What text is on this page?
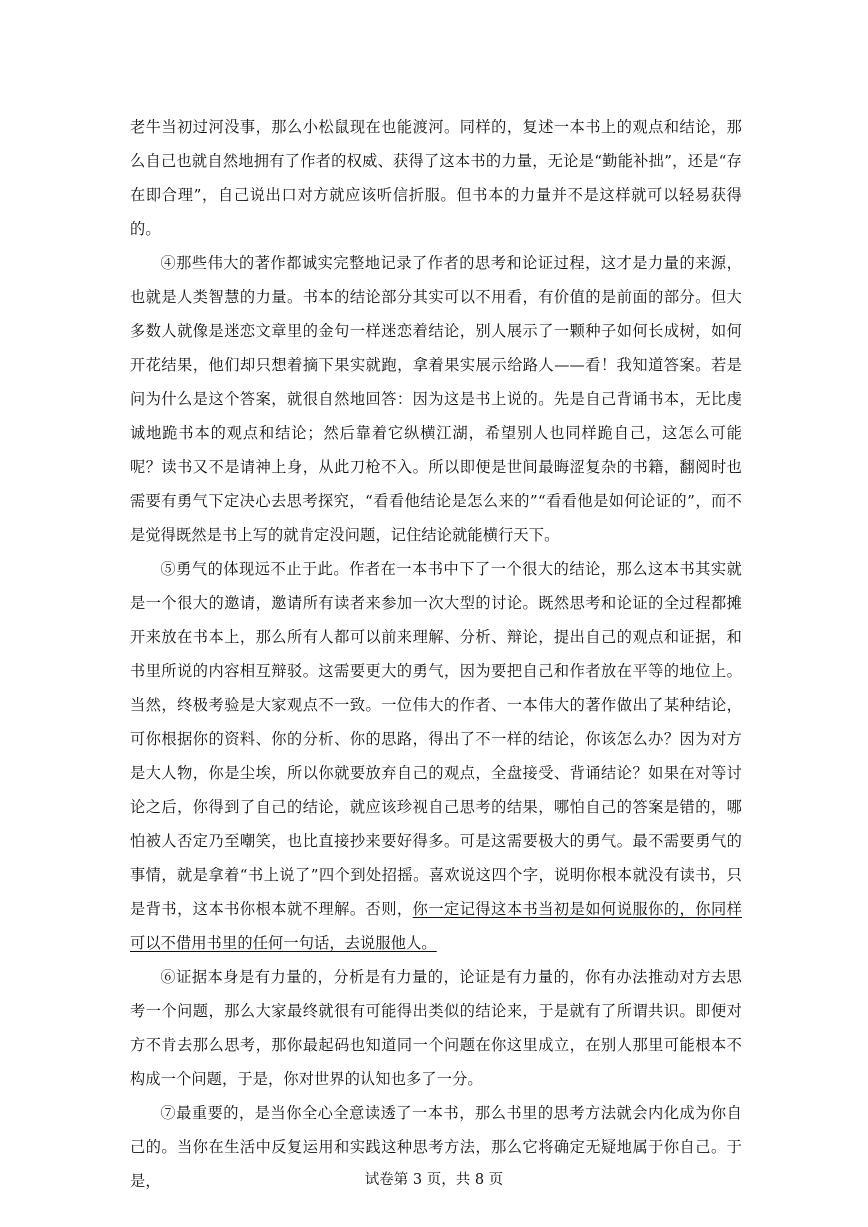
老牛当初过河没事，那么小松鼠现在也能渡河。同样的，复述一本书上的观点和结论，那么自己也就自然地拥有了作者的权威、获得了这本书的力量，无论是“勤能补拙”，还是“存在即合理”，自己说出口对方就应该听信折服。但书本的力量并不是这样就可以轻易获得的。

④那些伟大的著作都诚实完整地记录了作者的思考和论证过程，这才是力量的来源，也就是人类智慧的力量。书本的结论部分其实可以不用看，有价值的是前面的部分。但大多数人就像是迷恋文章里的金句一样迷恋着结论，别人展示了一颗种子如何长成树，如何开花结果，他们却只想着摘下果实就跑，拿着果实展示给路人——看！我知道答案。若是问为什么是这个答案，就很自然地回答：因为这是书上说的。先是自己背诵书本，无比虔诚地跪书本的观点和结论；然后靠着它纵横江湖，希望别人也同样跪自己，这怎么可能呢？读书又不是请神上身，从此刀枪不入。所以即便是世间最晦涩复杂的书籍，翻阅时也需要有勇气下定决心去思考探究，“看看他结论是怎么来的”“看看他是如何论证的”，而不是觉得既然是书上写的就肯定没问题，记住结论就能横行天下。

⑤勇气的体现远不止于此。作者在一本书中下了一个很大的结论，那么这本书其实就是一个很大的邀请，邀请所有读者来参加一次大型的讨论。既然思考和论证的全过程都摊开来放在书本上，那么所有人都可以前来理解、分析、辩论，提出自己的观点和证据，和书里所说的内容相互辩驳。这需要更大的勇气，因为要把自己和作者放在平等的地位上。当然，终极考验是大家观点不一致。一位伟大的作者、一本伟大的著作做出了某种结论，可你根据你的资料、你的分析、你的思路，得出了不一样的结论，你该怎么办？因为对方是大人物，你是尘埃，所以你就要放弃自己的观点，全盘接受、背诵结论？如果在对等讨论之后，你得到了自己的结论，就应该珍视自己思考的结果，哪怕自己的答案是错的，哪怕被人否定乃至嘲笑，也比直接抄来要好得多。可是这需要极大的勇气。最不需要勇气的事情，就是拿着“书上说了”四个到处招摇。喜欢说这四个字，说明你根本就没有读书，只是背书，这本书你根本就不理解。否则，你一定记得这本书当初是如何说服你的，你同样可以不借用书里的任何一句话，去说服他人。

⑥证据本身是有力量的，分析是有力量的，论证是有力量的，你有办法推动对方去思考一个问题，那么大家最终就很有可能得出类似的结论来，于是就有了所谓共识。即便对方不肯去那么思考，那你最起码也知道同一个问题在你这里成立，在别人那里可能根本不构成一个问题，于是，你对世界的认知也多了一分。

⑦最重要的，是当你全心全意读透了一本书，那么书里的思考方法就会内化成为你自己的。当你在生活中反复运用和实践这种思考方法，那么它将确定无疑地属于你自己。于是，	试卷第 3 页，共 8 页
